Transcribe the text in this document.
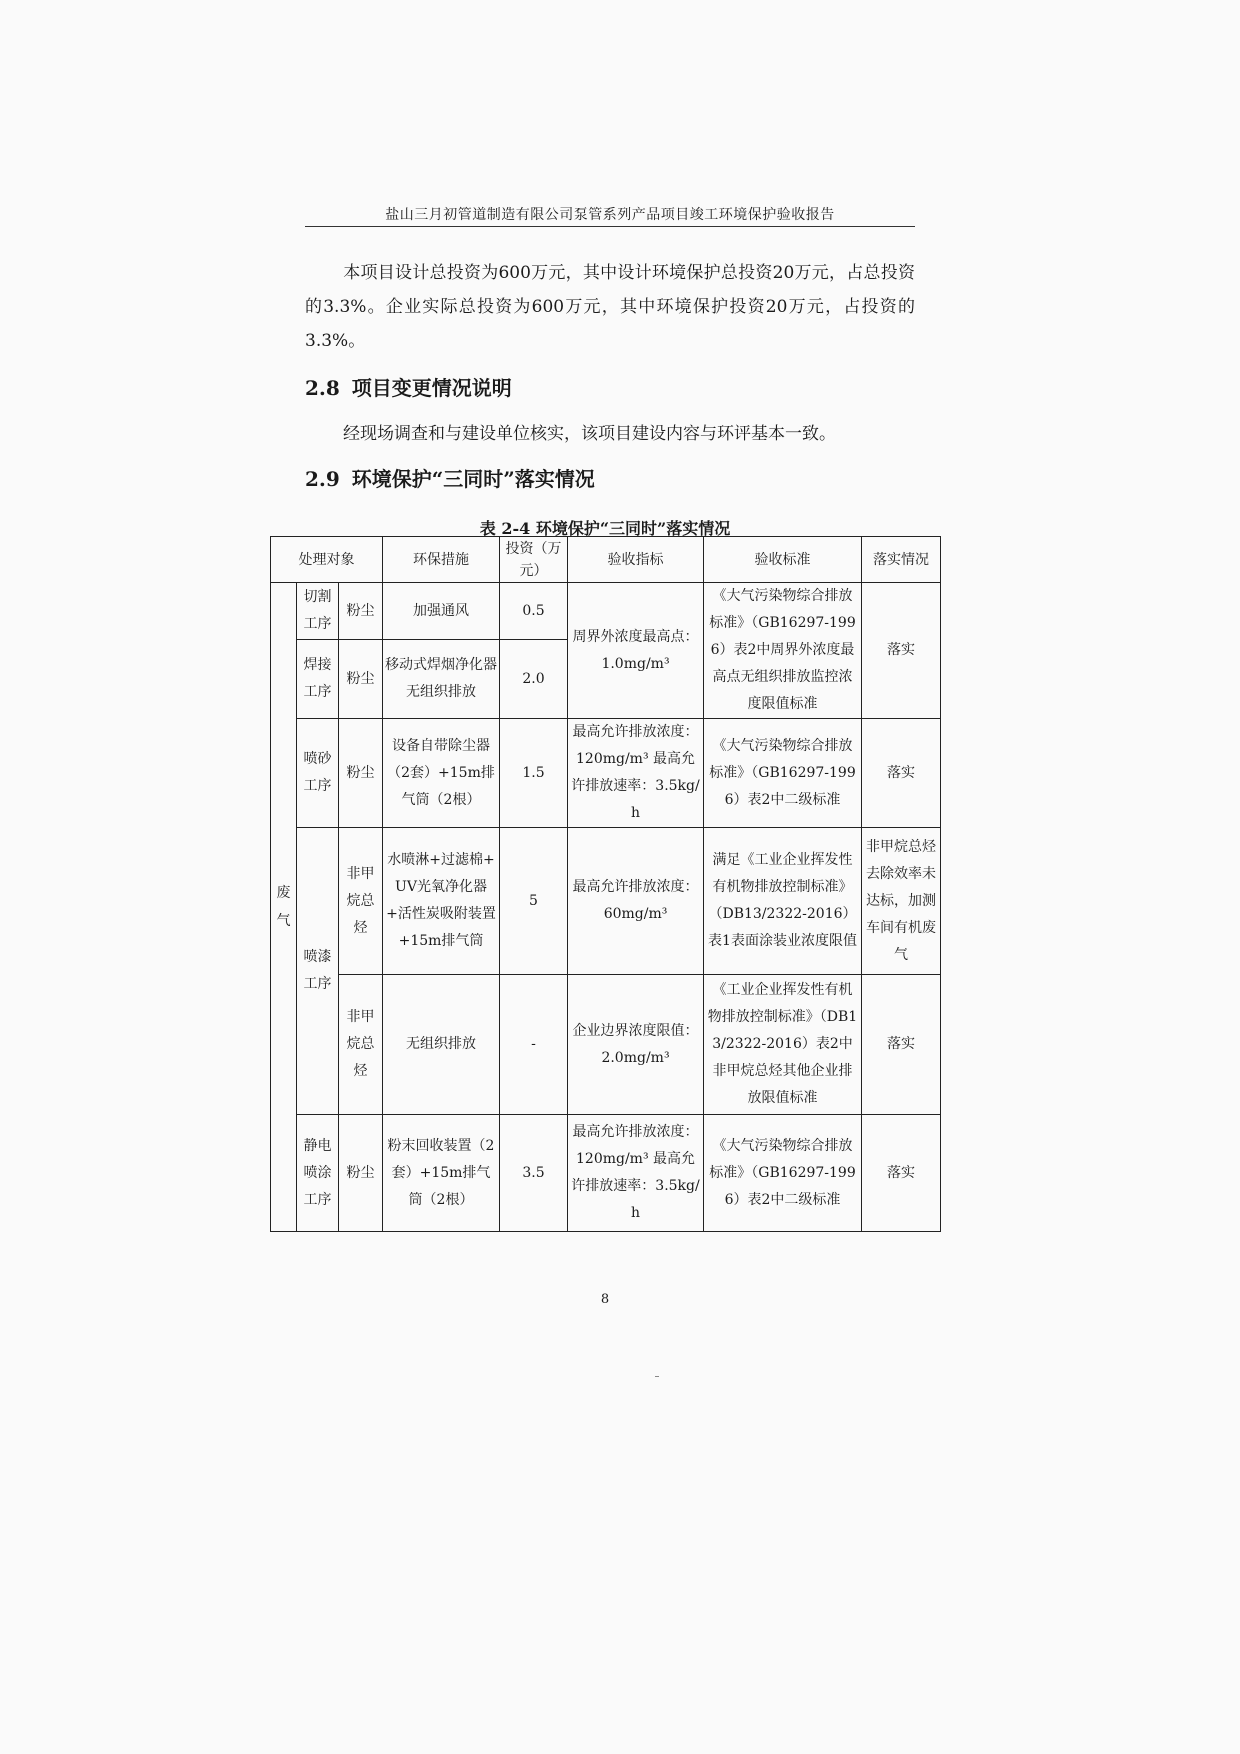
盐山三月初管道制造有限公司泵管系列产品项目竣工环境保护验收报告
本项目设计总投资为600万元，其中设计环境保护总投资20万元，占总投资的3.3%。企业实际总投资为600万元，其中环境保护投资20万元，占投资的3.3%。
2.8 项目变更情况说明
经现场调查和与建设单位核实，该项目建设内容与环评基本一致。
2.9 环境保护“三同时”落实情况
表 2-4 环境保护“三同时”落实情况
处理对象			环保措施	投资（万元）	验收指标	验收标准	落实情况

废
气	切割工序	粉尘	加强通风	0.5	周界外浓度最高点：1.0mg/m³	《大气污染物综合排放标准》（GB16297-1996）表2中周界外浓度最高点无组织排放监控浓度限值标准	落实
	焊接工序	粉尘	移动式焊烟净化器无组织排放	2.0			
	喷砂工序	粉尘	设备自带除尘器（2套）+15m排气筒（2根）	1.5	最高允许排放浓度：120mg/m³ 最高允许排放速率：3.5kg/h	《大气污染物综合排放标准》（GB16297-1996）表2中二级标准	落实
	喷漆工序	非甲烷总烃	水喷淋+过滤棉+UV光氧净化器+活性炭吸附装置+15m排气筒	5	最高允许排放浓度：60mg/m³	满足《工业企业挥发性有机物排放控制标准》（DB13/2322-2016）表1表面涂装业浓度限值	非甲烷总烃去除效率未达标，加测车间有机废气
		非甲烷总烃	无组织排放	-	企业边界浓度限值：2.0mg/m³	《工业企业挥发性有机物排放控制标准》（DB13/2322-2016）表2中非甲烷总烃其他企业排放限值标准	落实
	静电喷涂工序	粉尘	粉末回收装置（2套）+15m排气筒（2根）	3.5	最高允许排放浓度：120mg/m³ 最高允许排放速率：3.5kg/h	《大气污染物综合排放标准》（GB16297-1996）表2中二级标准	落实
8
